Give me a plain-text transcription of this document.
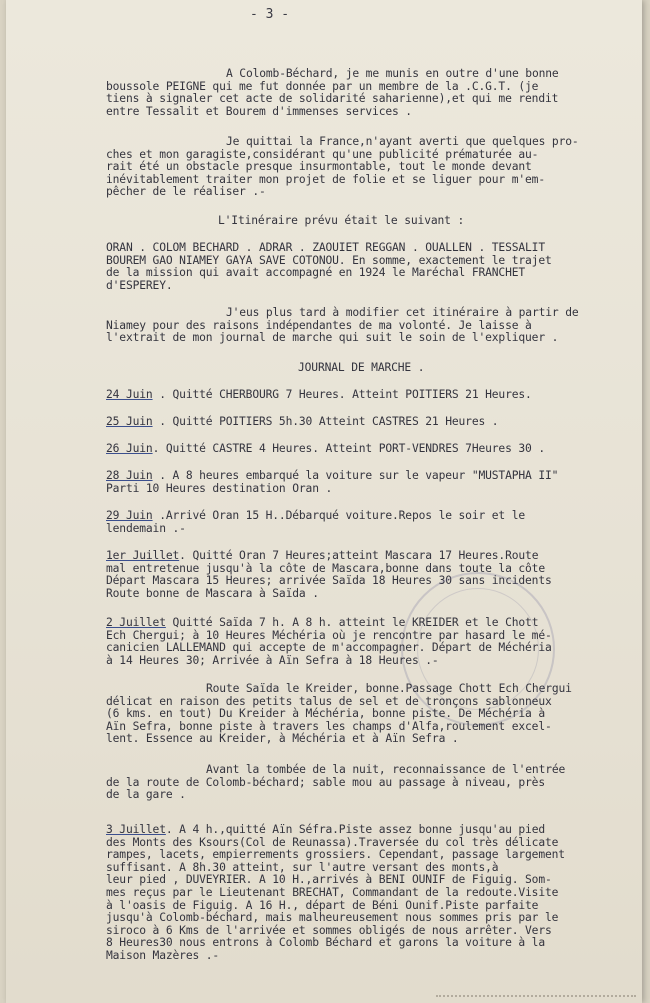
- 3 -
A Colomb-Béchard, je me munis en outre d'une bonne
boussole PEIGNE qui me fut donnée par un membre de la .C.G.T. (je
tiens à signaler cet acte de solidarité saharienne),et qui me rendit
entre Tessalit et Bourem d'immenses services .
Je quittai la France,n'ayant averti que quelques pro-
ches et mon garagiste,considérant qu'une publicité prématurée au-
rait été un obstacle presque insurmontable, tout le monde devant
inévitablement traiter mon projet de folie et se liguer pour m'em-
pêcher de le réaliser .-
L'Itinéraire prévu était le suivant :
ORAN . COLOM BECHARD . ADRAR . ZAOUIET REGGAN . OUALLEN . TESSALIT
BOUREM GAO NIAMEY GAYA SAVE COTONOU. En somme, exactement le trajet
de la mission qui avait accompagné en 1924 le Maréchal FRANCHET
d'ESPEREY.
J'eus plus tard à modifier cet itinéraire à partir de
Niamey pour des raisons indépendantes de ma volonté. Je laisse à
l'extrait de mon journal de marche qui suit le soin de l'expliquer .
JOURNAL DE MARCHE .
24 Juin . Quitté CHERBOURG 7 Heures. Atteint POITIERS 21 Heures.
25 Juin . Quitté POITIERS 5h.30 Atteint CASTRES 21 Heures .
26 Juin. Quitté CASTRE 4 Heures. Atteint PORT-VENDRES 7Heures 30 .
28 Juin . A 8 heures embarqué la voiture sur le vapeur "MUSTAPHA II"
Parti 10 Heures destination Oran .
29 Juin .Arrivé Oran 15 H..Débarqué voiture.Repos le soir et le
lendemain .-
1er Juillet. Quitté Oran 7 Heures;atteint Mascara 17 Heures.Route
mal entretenue jusqu'à la côte de Mascara,bonne dans toute la côte
Départ Mascara 15 Heures; arrivée Saïda 18 Heures 30 sans incidents
Route bonne de Mascara à Saïda .
2 Juillet Quitté Saïda 7 h. A 8 h. atteint le KREIDER et le Chott
Ech Chergui; à 10 Heures Méchéria où je rencontre par hasard le mé-
canicien LALLEMAND qui accepte de m'accompagner. Départ de Méchéria
à 14 Heures 30; Arrivée à Aïn Sefra à 18 Heures .-
Route Saïda le Kreider, bonne.Passage Chott Ech Chergui
délicat en raison des petits talus de sel et de tronçons sablonneux
(6 kms. en tout) Du Kreider à Méchéria, bonne piste. De Méchéria à
Aïn Sefra, bonne piste à travers les champs d'Alfa,roulement excel-
lent. Essence au Kreider, à Méchéria et à Aïn Sefra .
Avant la tombée de la nuit, reconnaissance de l'entrée
de la route de Colomb-béchard; sable mou au passage à niveau, près
de la gare .
3 Juillet. A 4 h.,quitté Aïn Séfra.Piste assez bonne jusqu'au pied
des Monts des Ksours(Col de Reunassa).Traversée du col très délicate
rampes, lacets, empierrements grossiers. Cependant, passage largement
suffisant. A 8h.30 atteint, sur l'autre versant des monts,à
leur pied , DUVEYRIER. A 10 H.,arrivés à BENI OUNIF de Figuig. Som-
mes reçus par le Lieutenant BRECHAT, Commandant de la redoute.Visite
à l'oasis de Figuig. A 16 H., départ de Béni Ounif.Piste parfaite
jusqu'à Colomb-béchard, mais malheureusement nous sommes pris par le
siroco à 6 Kms de l'arrivée et sommes obligés de nous arrêter. Vers
8 Heures30 nous entrons à Colomb Béchard et garons la voiture à la
Maison Mazères .-
